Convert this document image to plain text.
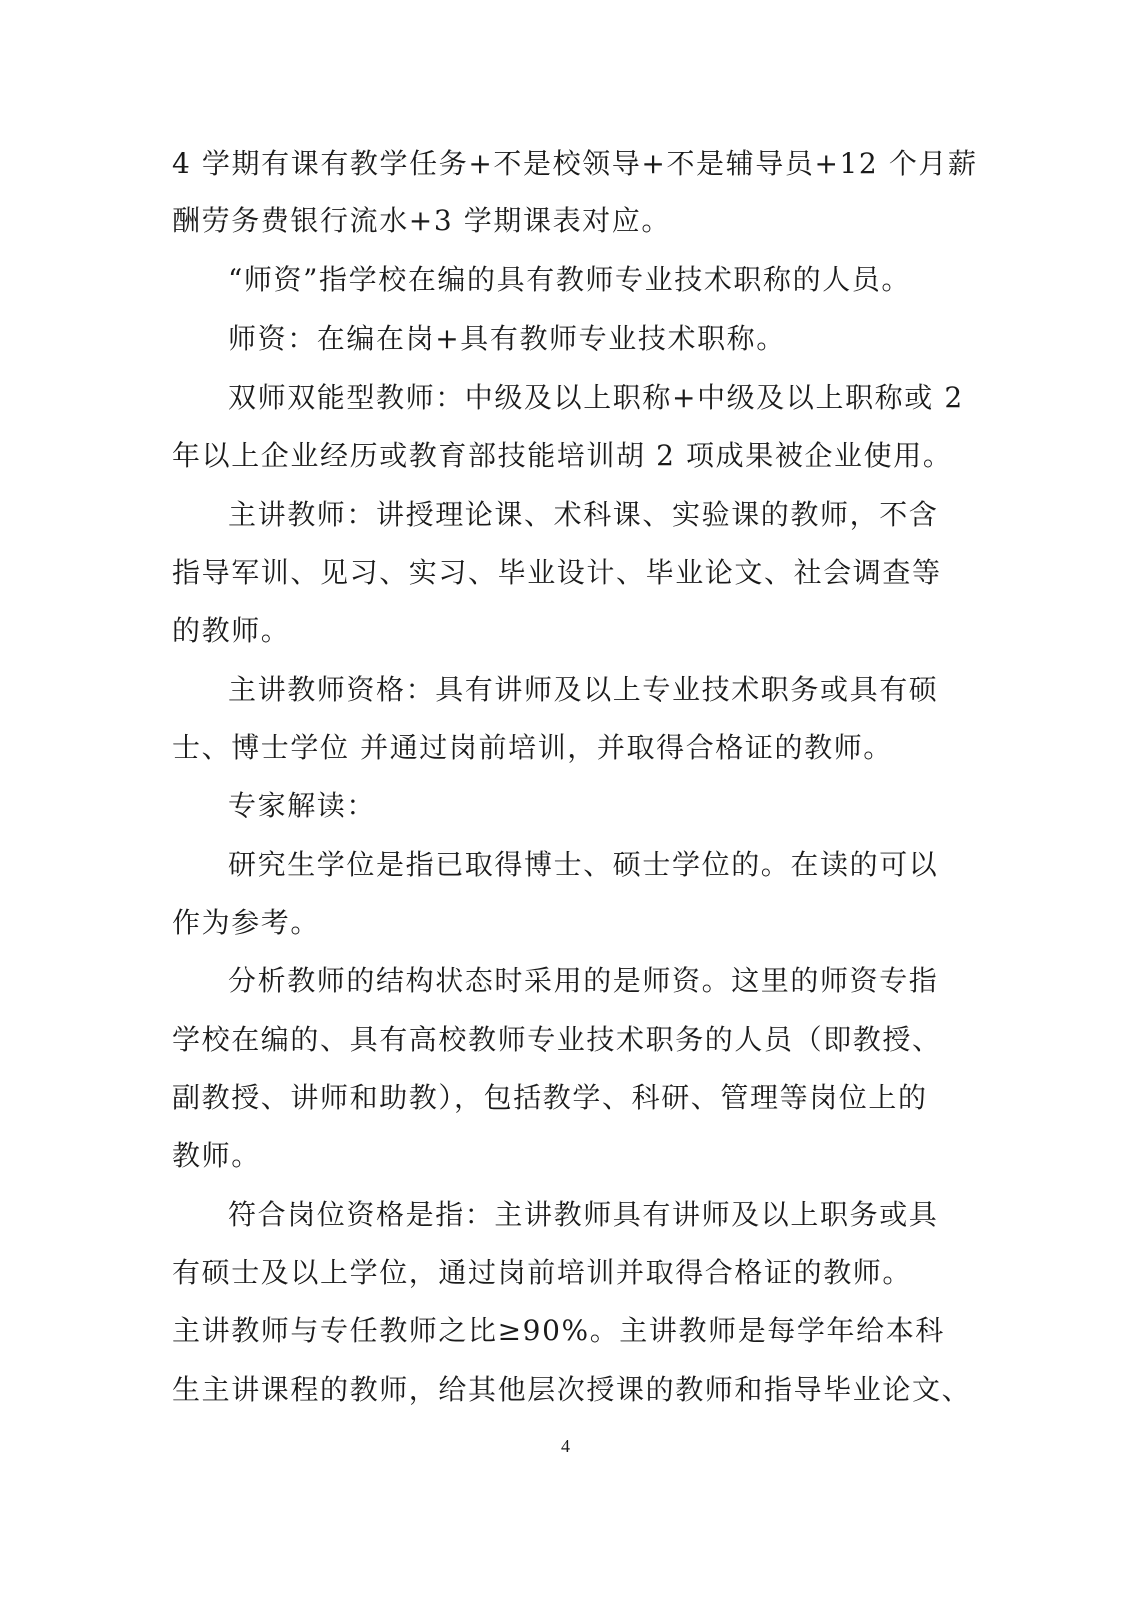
4 学期有课有教学任务+不是校领导+不是辅导员+12 个月薪
酬劳务费银行流水+3 学期课表对应。
“师资”指学校在编的具有教师专业技术职称的人员。
师资：在编在岗+具有教师专业技术职称。
双师双能型教师：中级及以上职称+中级及以上职称或 2
年以上企业经历或教育部技能培训胡 2 项成果被企业使用。
主讲教师：讲授理论课、术科课、实验课的教师，不含
指导军训、见习、实习、毕业设计、毕业论文、社会调查等
的教师。
主讲教师资格：具有讲师及以上专业技术职务或具有硕
士、博士学位 并通过岗前培训，并取得合格证的教师。
专家解读：
研究生学位是指已取得博士、硕士学位的。在读的可以
作为参考。
分析教师的结构状态时采用的是师资。这里的师资专指
学校在编的、具有高校教师专业技术职务的人员（即教授、
副教授、讲师和助教），包括教学、科研、管理等岗位上的
教师。
符合岗位资格是指：主讲教师具有讲师及以上职务或具
有硕士及以上学位，通过岗前培训并取得合格证的教师。
主讲教师与专任教师之比≥90%。主讲教师是每学年给本科
生主讲课程的教师，给其他层次授课的教师和指导毕业论文、
4
